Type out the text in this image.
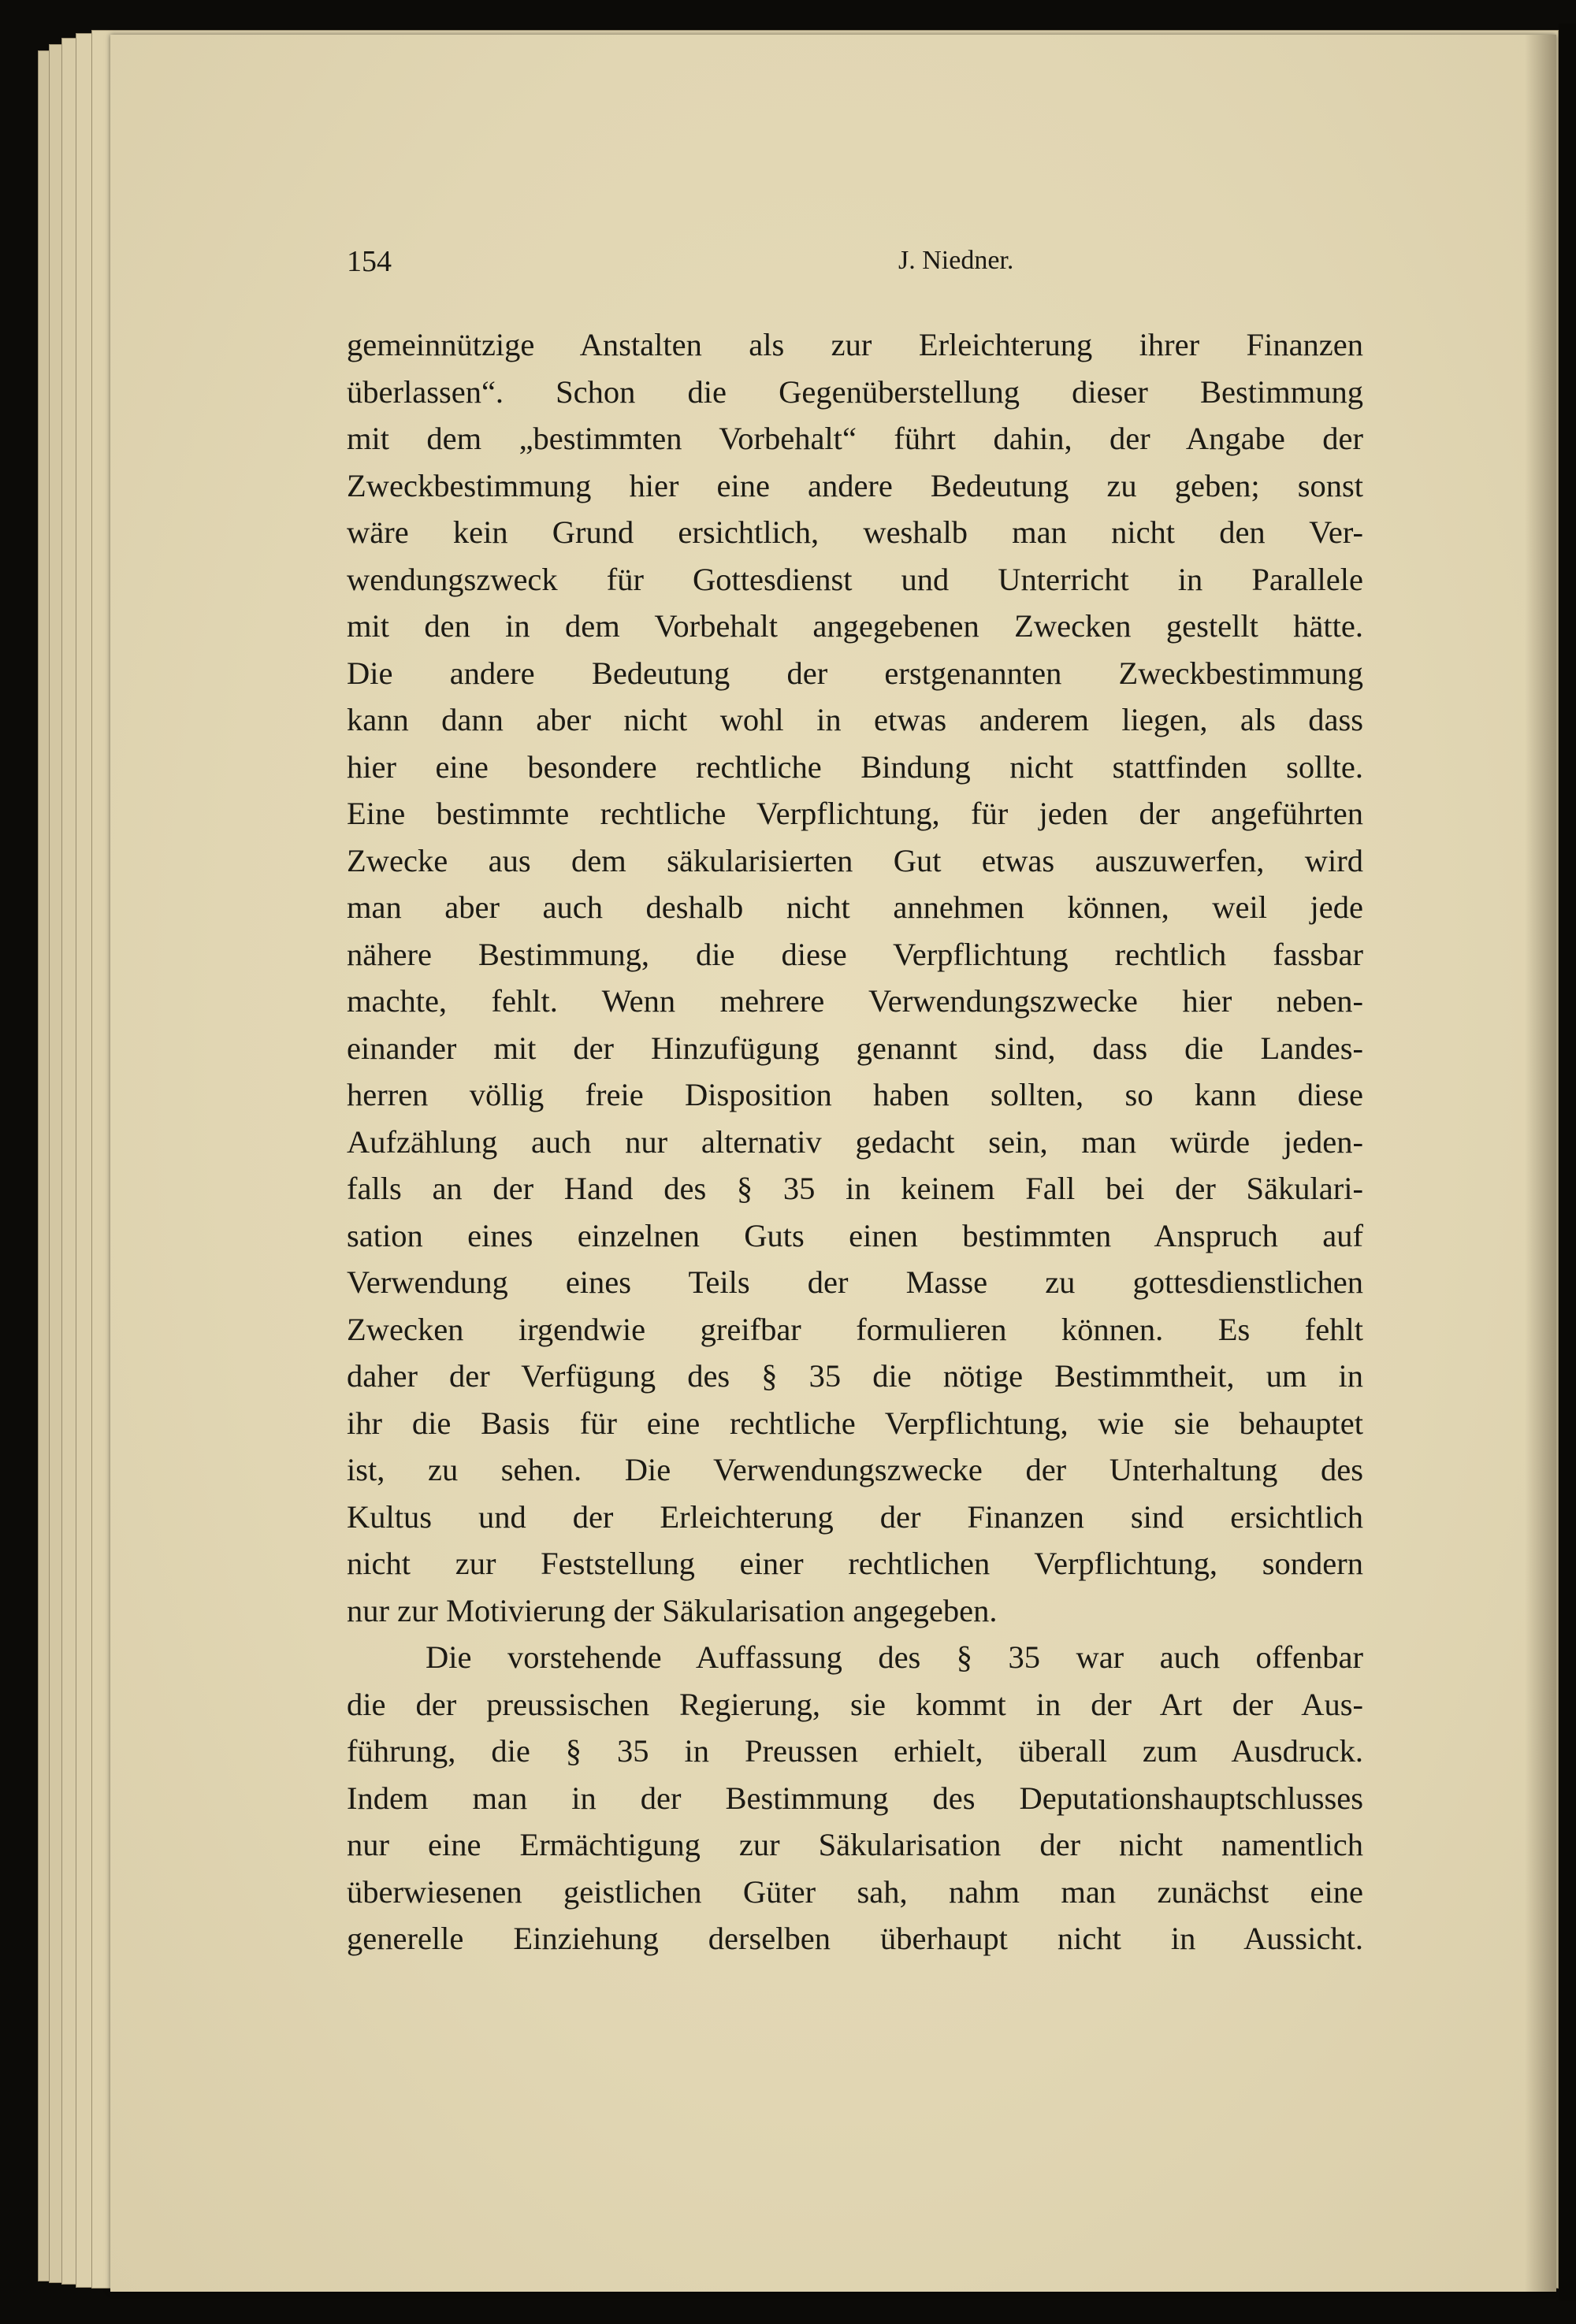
154	J. Niedner.
gemeinnützige Anstalten als zur Erleichterung ihrer Finanzen
überlassen“. Schon die Gegenüberstellung dieser Bestimmung
mit dem „bestimmten Vorbehalt“ führt dahin, der Angabe der
Zweckbestimmung hier eine andere Bedeutung zu geben; sonst
wäre kein Grund ersichtlich, weshalb man nicht den Ver-
wendungszweck für Gottesdienst und Unterricht in Parallele
mit den in dem Vorbehalt angegebenen Zwecken gestellt hätte.
Die andere Bedeutung der erstgenannten Zweckbestimmung
kann dann aber nicht wohl in etwas anderem liegen, als dass
hier eine besondere rechtliche Bindung nicht stattfinden sollte.
Eine bestimmte rechtliche Verpflichtung, für jeden der angeführten
Zwecke aus dem säkularisierten Gut etwas auszuwerfen, wird
man aber auch deshalb nicht annehmen können, weil jede
nähere Bestimmung, die diese Verpflichtung rechtlich fassbar
machte, fehlt. Wenn mehrere Verwendungszwecke hier neben-
einander mit der Hinzufügung genannt sind, dass die Landes-
herren völlig freie Disposition haben sollten, so kann diese
Aufzählung auch nur alternativ gedacht sein, man würde jeden-
falls an der Hand des § 35 in keinem Fall bei der Säkulari-
sation eines einzelnen Guts einen bestimmten Anspruch auf
Verwendung eines Teils der Masse zu gottesdienstlichen
Zwecken irgendwie greifbar formulieren können. Es fehlt
daher der Verfügung des § 35 die nötige Bestimmtheit, um in
ihr die Basis für eine rechtliche Verpflichtung, wie sie behauptet
ist, zu sehen. Die Verwendungszwecke der Unterhaltung des
Kultus und der Erleichterung der Finanzen sind ersichtlich
nicht zur Feststellung einer rechtlichen Verpflichtung, sondern
nur zur Motivierung der Säkularisation angegeben.
Die vorstehende Auffassung des § 35 war auch offenbar
die der preussischen Regierung, sie kommt in der Art der Aus-
führung, die § 35 in Preussen erhielt, überall zum Ausdruck.
Indem man in der Bestimmung des Deputationshauptschlusses
nur eine Ermächtigung zur Säkularisation der nicht namentlich
überwiesenen geistlichen Güter sah, nahm man zunächst eine
generelle Einziehung derselben überhaupt nicht in Aussicht.
